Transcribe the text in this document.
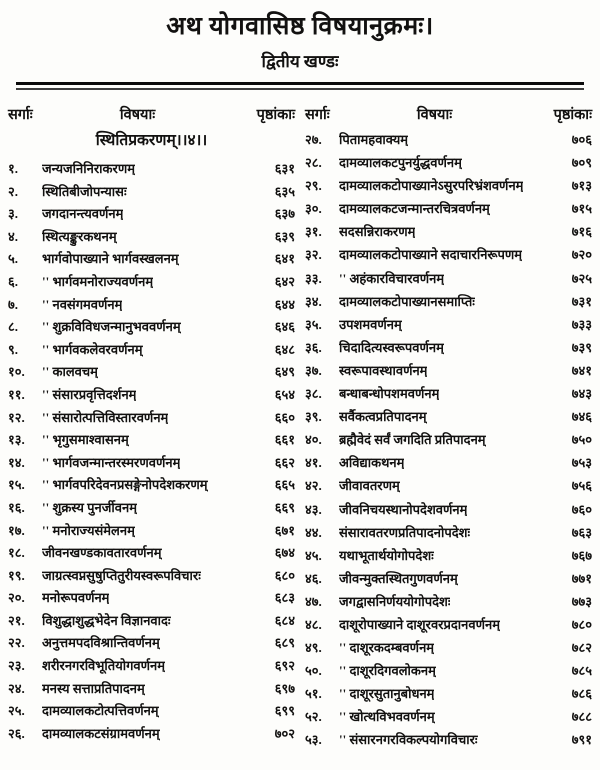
अथ योगवासिष्ठ विषयानुक्रमः।
द्वितीय खण्डः
सर्गाः	विषयाः	पृष्ठांकाः
स्थितिप्रकरणम्।।४।।
१.	जन्यजनिनिराकरणम्	६३१
२.	स्थितिबीजोपन्यासः	६३५
३.	जगदानन्त्यवर्णनम्	६३७
४.	स्थित्यङ्कुरकथनम्	६३९
५.	भार्गवोपाख्याने भार्गवस्खलनम्	६४१
६.	'' भार्गवमनोराज्यवर्णनम्	६४२
७.	'' नवसंगमवर्णनम्	६४४
८.	'' शुक्रविविधजन्मानुभववर्णनम्	६४६
९.	'' भार्गवकलेवरवर्णनम्	६४८
१०.	'' कालवचम्	६४९
११.	'' संसारप्रवृत्तिदर्शनम्	६५४
१२.	'' संसारोत्पत्तिविस्तारवर्णनम्	६६०
१३.	'' भृगुसमाश्वासनम्	६६१
१४.	'' भार्गवजन्मान्तरस्मरणवर्णनम्	६६२
१५.	'' भार्गवपरिदेवनप्रसङ्गेनोपदेशकरणम्	६६५
१६.	'' शुक्रस्य पुनर्जीवनम्	६६९
१७.	'' मनोराज्यसंमेलनम्	६७१
१८.	जीवनखण्डकावतारवर्णनम्	६७४
१९.	जाग्रत्स्वप्नसुषुप्तितुरीयस्वरूपविचारः	६८०
२०.	मनोरूपवर्णनम्	६८३
२१.	विशुद्धाशुद्धभेदेन विज्ञानवादः	६८४
२२.	अनुत्तमपदविश्रान्तिवर्णनम्	६८९
२३.	शरीरनगरविभूतियोगवर्णनम्	६९२
२४.	मनस्य सत्ताप्रतिपादनम्	६९७
२५.	दामव्यालकटोत्पत्तिवर्णनम्	६९९
२६.	दामव्यालकटसंग्रामवर्णनम्	७०२
सर्गाः	विषयाः	पृष्ठांकाः
२७.	पितामहवाक्यम्	७०६
२८.	दामव्यालकटपुनर्युद्धवर्णनम्	७०९
२९.	दामव्यालकटोपाख्यानेऽसुरपरिभ्रंशवर्णनम्	७१३
३०.	दामव्यालकटजन्मान्तरचित्रवर्णनम्	७१५
३१.	सदसन्निराकरणम्	७१६
३२.	दामव्यालकटोपाख्याने सदाचारनिरूपणम्	७२०
३३.	'' अहंकारविचारवर्णनम्	७२५
३४.	दामव्यालकटोपाख्यानसमाप्तिः	७३१
३५.	उपशमवर्णनम्	७३३
३६.	चिदादित्यस्वरूपवर्णनम्	७३९
३७.	स्वरूपावस्थावर्णनम्	७४१
३८.	बन्धाबन्धोपशमवर्णनम्	७४३
३९.	सर्वैकत्वप्रतिपादनम्	७४६
४०.	ब्रह्मैवेदं सर्वं जगदिति प्रतिपादनम्	७५०
४१.	अविद्याकथनम्	७५३
४२.	जीवावतरणम्	७५६
४३.	जीवनिचयस्थानोपदेशवर्णनम्	७६०
४४.	संसारावतरणप्रतिपादनोपदेशः	७६३
४५.	यथाभूतार्थयोगोपदेशः	७६७
४६.	जीवन्मुक्तस्थितगुणवर्णनम्	७७१
४७.	जगद्वासनिर्णययोगोपदेशः	७७३
४८.	दाशूरोपाख्याने दाशूरवरप्रदानवर्णनम्	७८०
४९.	'' दाशूरकदम्बवर्णनम्	७८२
५०.	'' दाशूरदिगवलोकनम्	७८५
५१.	'' दाशूरसुतानुबोधनम्	७८६
५२.	'' खोत्थविभववर्णनम्	७८८
५३.	'' संसारनगरविकल्पयोगविचारः	७९१
